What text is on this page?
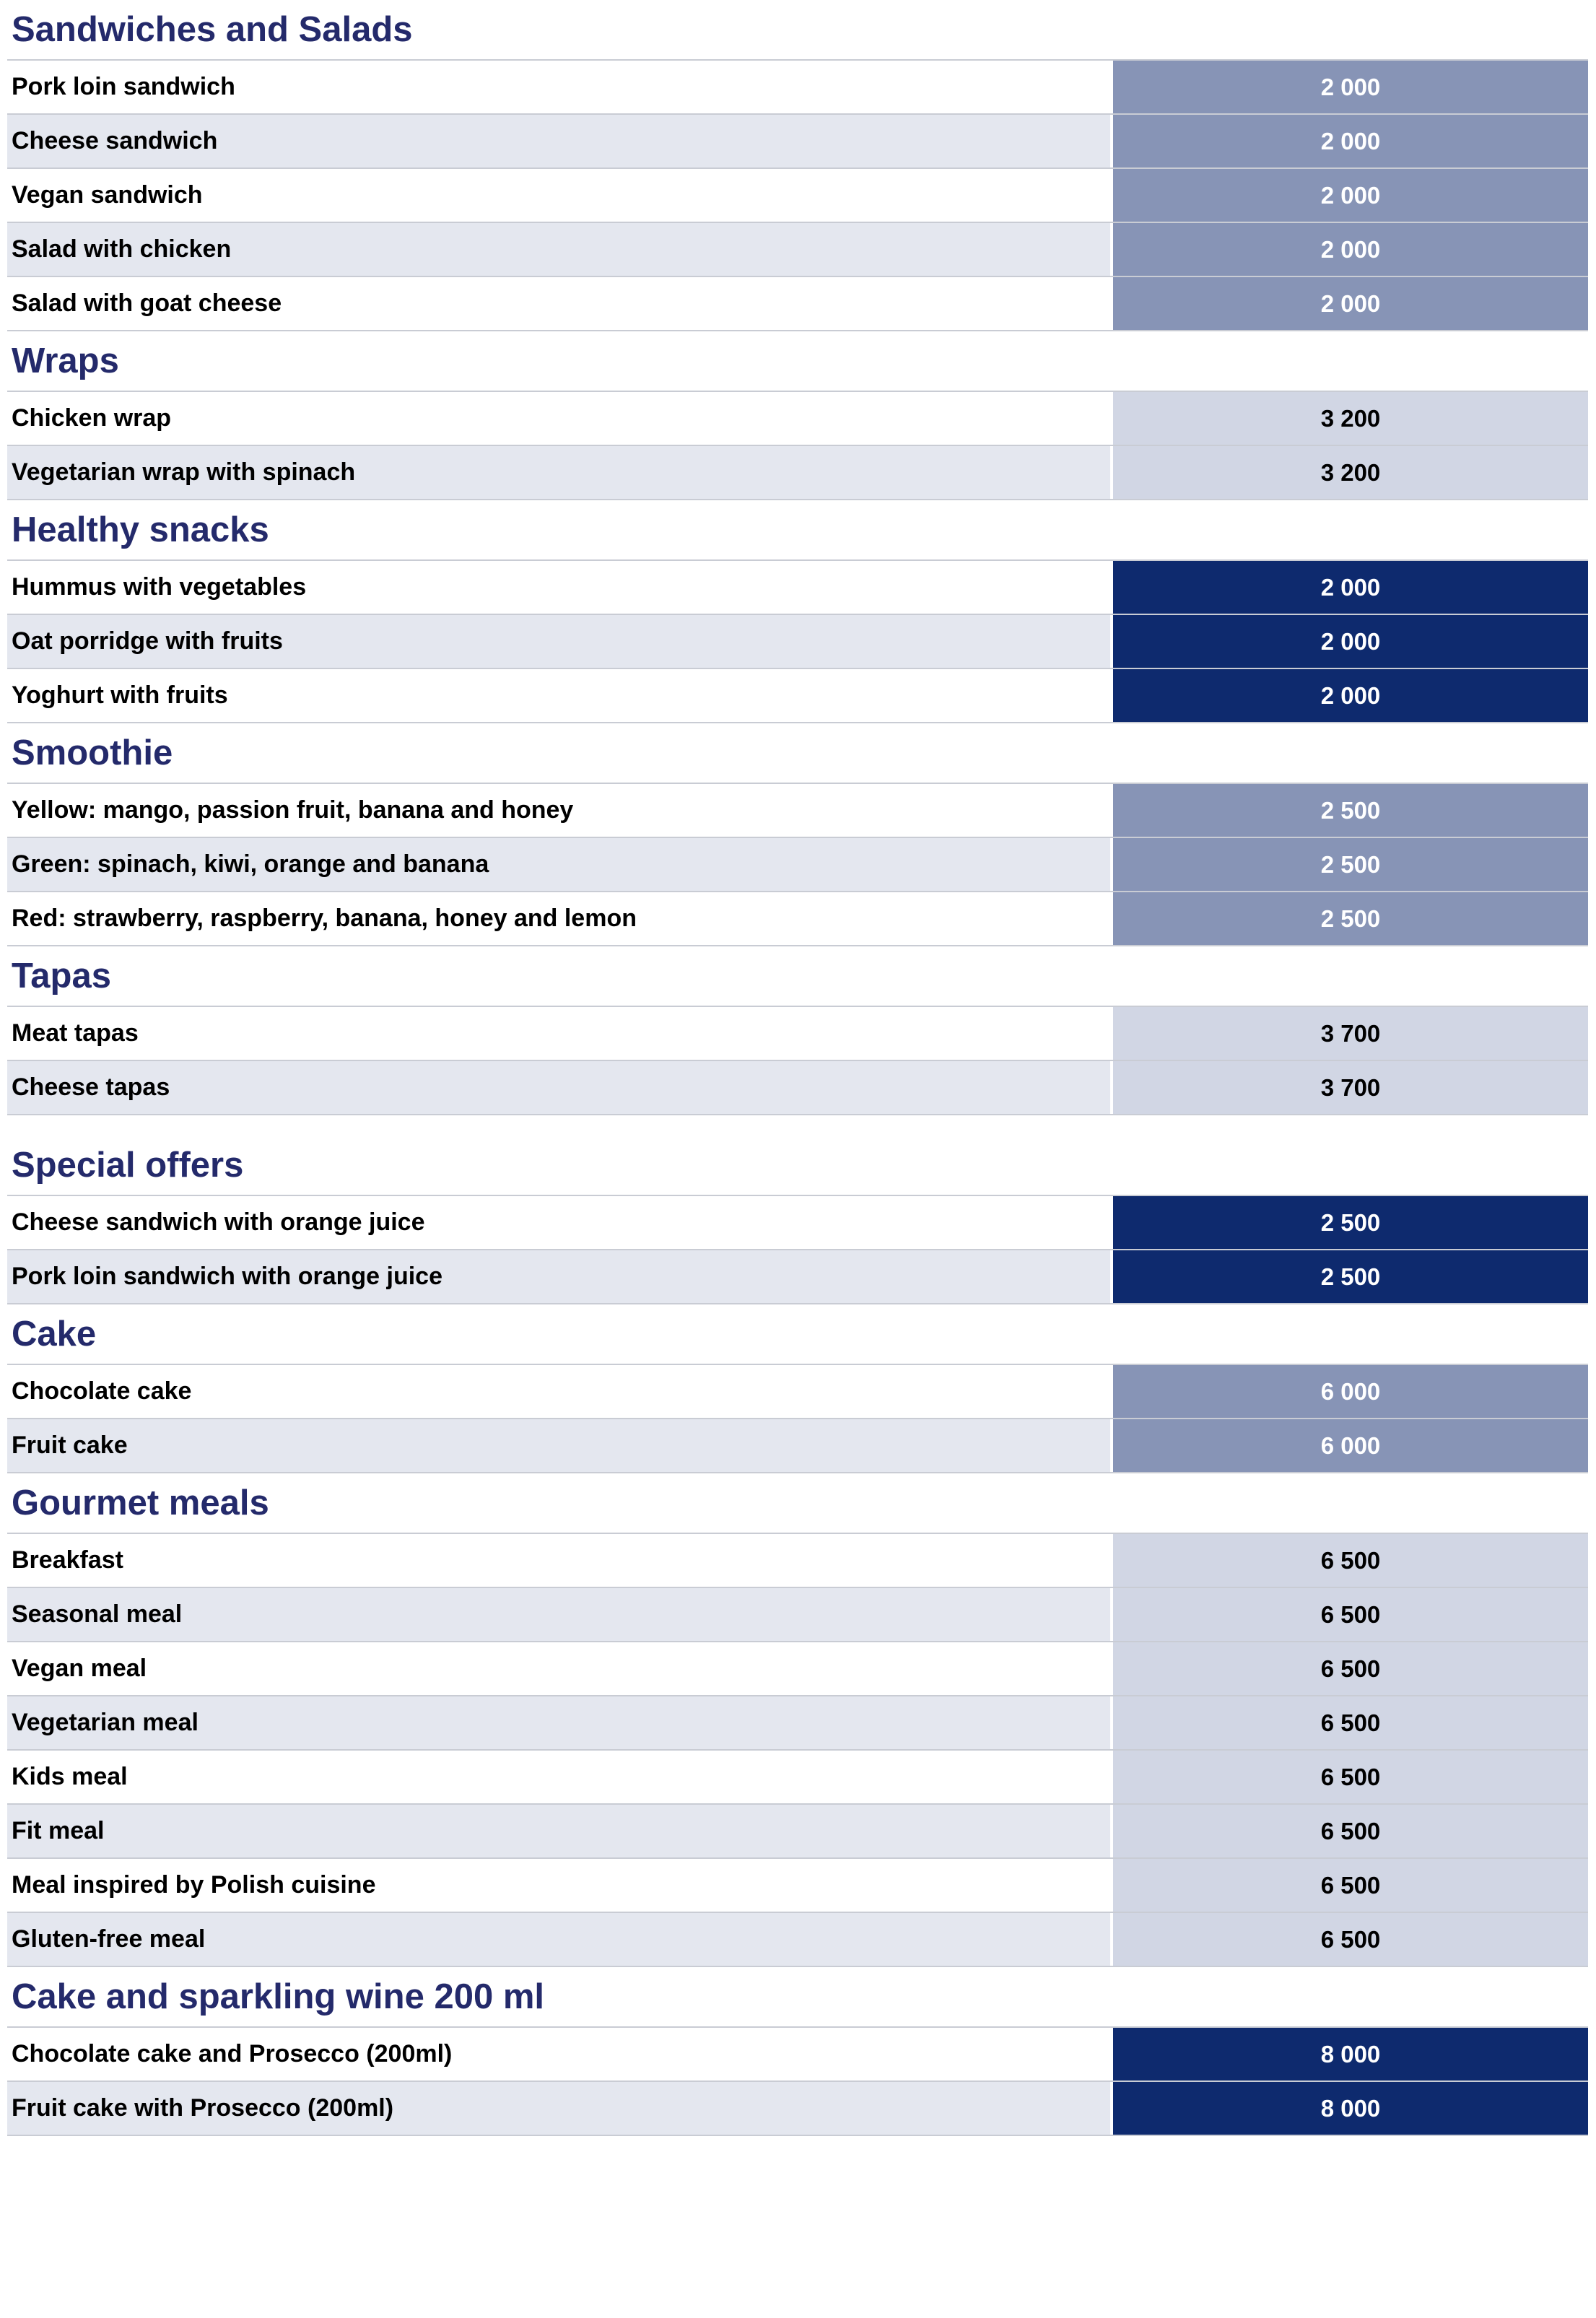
Sandwiches and Salads
Pork loin sandwich	2 000
Cheese sandwich	2 000
Vegan sandwich	2 000
Salad with chicken	2 000
Salad with goat cheese	2 000
Wraps
Chicken wrap	3 200
Vegetarian wrap with spinach	3 200
Healthy snacks
Hummus with vegetables	2 000
Oat porridge with fruits	2 000
Yoghurt with fruits	2 000
Smoothie
Yellow: mango, passion fruit, banana and honey	2 500
Green: spinach, kiwi, orange and banana	2 500
Red: strawberry, raspberry, banana, honey and lemon	2 500
Tapas
Meat tapas	3 700
Cheese tapas	3 700
Special offers
Cheese sandwich with orange juice	2 500
Pork loin sandwich with orange juice	2 500
Cake
Chocolate cake	6 000
Fruit cake	6 000
Gourmet meals
Breakfast	6 500
Seasonal meal	6 500
Vegan meal	6 500
Vegetarian meal	6 500
Kids meal	6 500
Fit meal	6 500
Meal inspired by Polish cuisine	6 500
Gluten-free meal	6 500
Cake and sparkling wine 200 ml
Chocolate cake and Prosecco (200ml)	8 000
Fruit cake with Prosecco (200ml)	8 000
